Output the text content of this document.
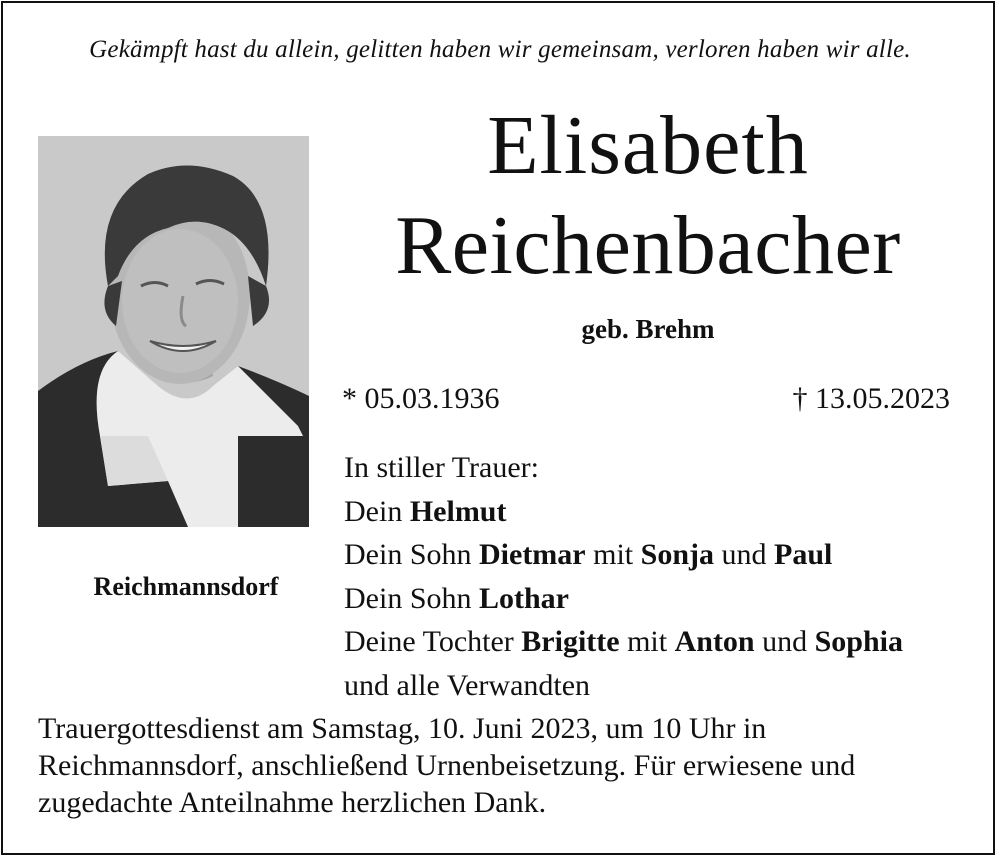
Gekämpft hast du allein, gelitten haben wir gemeinsam, verloren haben wir alle.
Reichmannsdorf
Elisabeth
Reichenbacher
geb. Brehm
* 05.03.1936	† 13.05.2023
In stiller Trauer:
Dein Helmut
Dein Sohn Dietmar mit Sonja und Paul
Dein Sohn Lothar
Deine Tochter Brigitte mit Anton und Sophia
und alle Verwandten
Trauergottesdienst am Samstag, 10. Juni 2023, um 10 Uhr in Reichmannsdorf, anschließend Urnenbeisetzung. Für erwiesene und zugedachte Anteilnahme herzlichen Dank.
